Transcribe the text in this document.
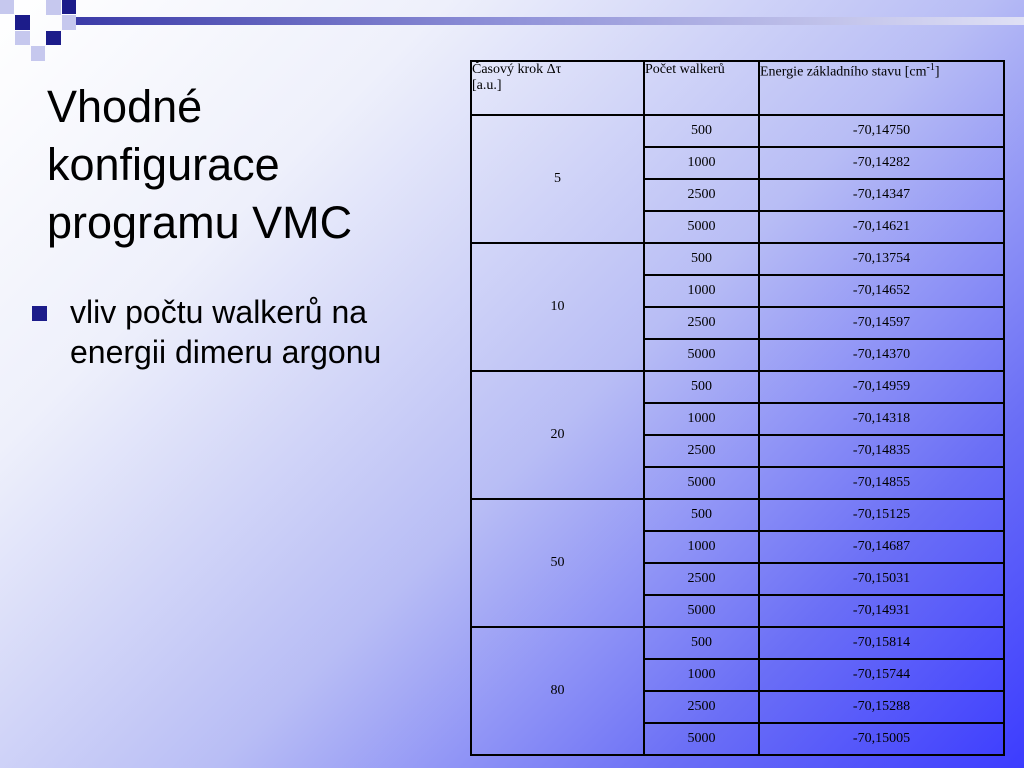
Vhodné
konfigurace
programu VMC
vliv počtu walkerů na energii dimeru argonu
Časový krok Δτ
[a.u.]	Počet walkerů	Energie základního stavu $[cm^{-1}]$
5	500	-70,14750
	1000	-70,14282
	2500	-70,14347
	5000	-70,14621
10	500	-70,13754
	1000	-70,14652
	2500	-70,14597
	5000	-70,14370
20	500	-70,14959
	1000	-70,14318
	2500	-70,14835
	5000	-70,14855
50	500	-70,15125
	1000	-70,14687
	2500	-70,15031
	5000	-70,14931
80	500	-70,15814
	1000	-70,15744
	2500	-70,15288
	5000	-70,15005
